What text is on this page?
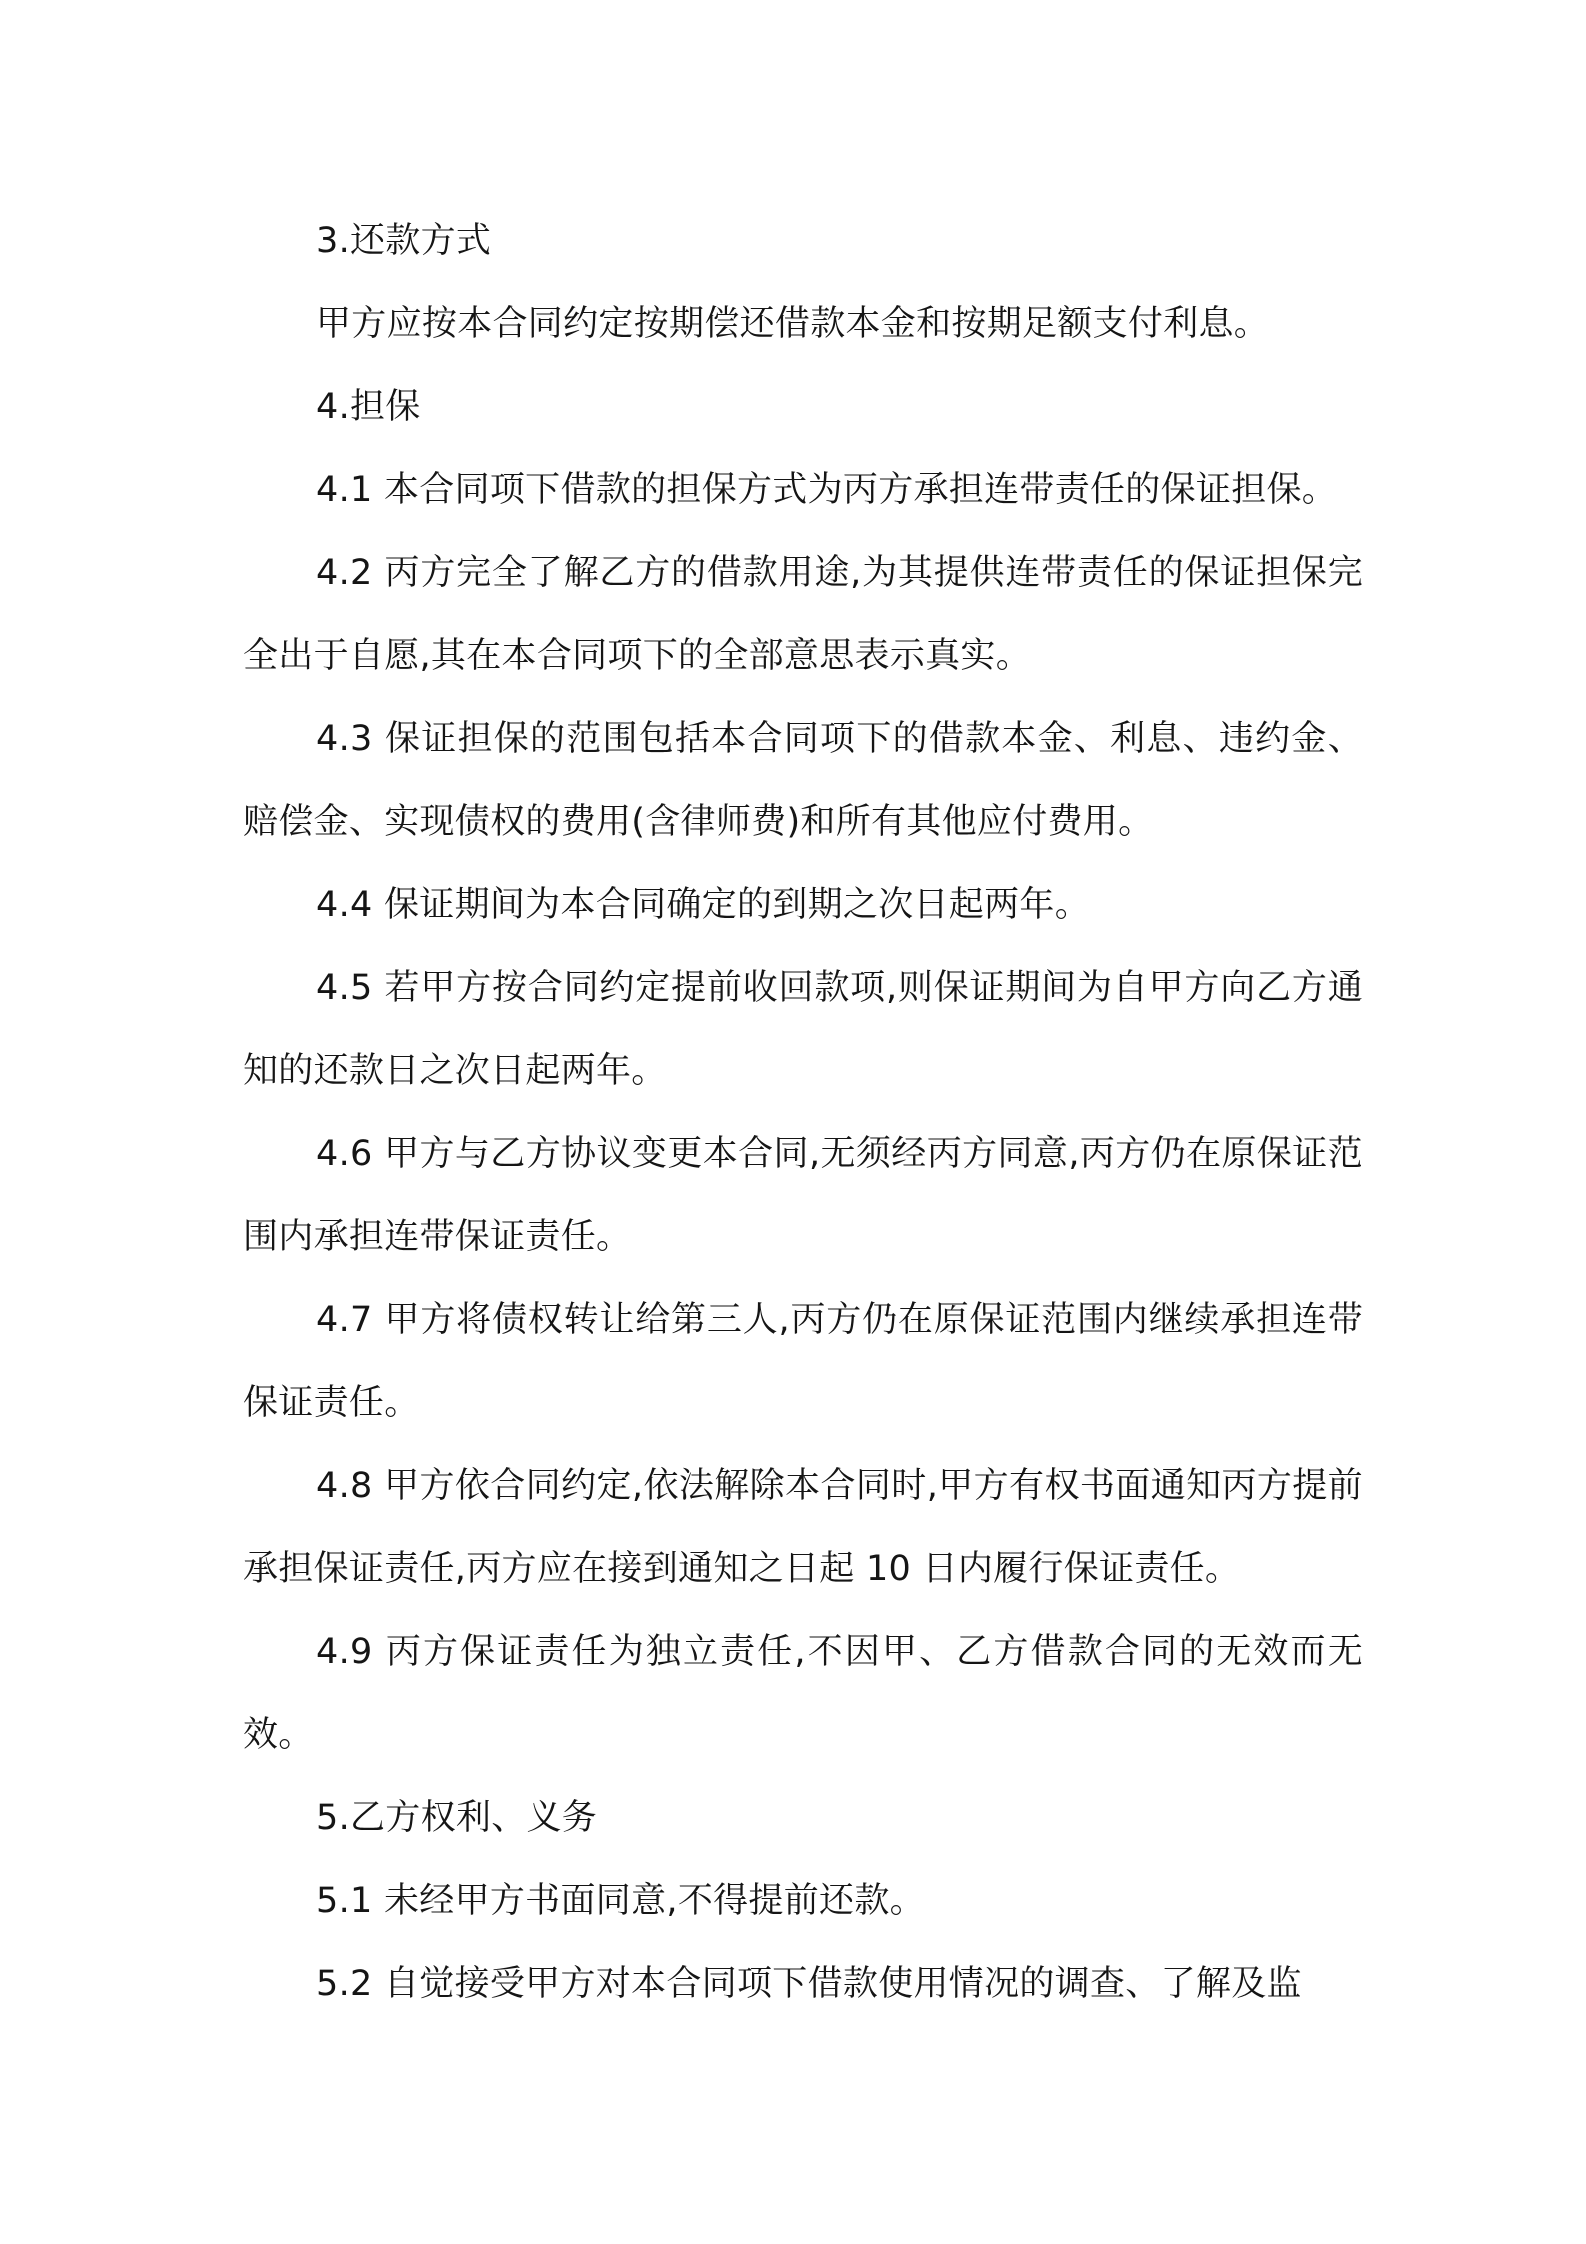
3.还款方式

甲方应按本合同约定按期偿还借款本金和按期足额支付利息。

4.担保

4.1 本合同项下借款的担保方式为丙方承担连带责任的保证担保。

4.2 丙方完全了解乙方的借款用途,为其提供连带责任的保证担保完全出于自愿,其在本合同项下的全部意思表示真实。

4.3 保证担保的范围包括本合同项下的借款本金、利息、违约金、赔偿金、实现债权的费用(含律师费)和所有其他应付费用。

4.4 保证期间为本合同确定的到期之次日起两年。

4.5 若甲方按合同约定提前收回款项,则保证期间为自甲方向乙方通知的还款日之次日起两年。

4.6 甲方与乙方协议变更本合同,无须经丙方同意,丙方仍在原保证范围内承担连带保证责任。

4.7 甲方将债权转让给第三人,丙方仍在原保证范围内继续承担连带保证责任。

4.8 甲方依合同约定,依法解除本合同时,甲方有权书面通知丙方提前承担保证责任,丙方应在接到通知之日起 10 日内履行保证责任。

4.9 丙方保证责任为独立责任,不因甲、乙方借款合同的无效而无效。

5.乙方权利、义务

5.1 未经甲方书面同意,不得提前还款。

5.2 自觉接受甲方对本合同项下借款使用情况的调查、了解及监
